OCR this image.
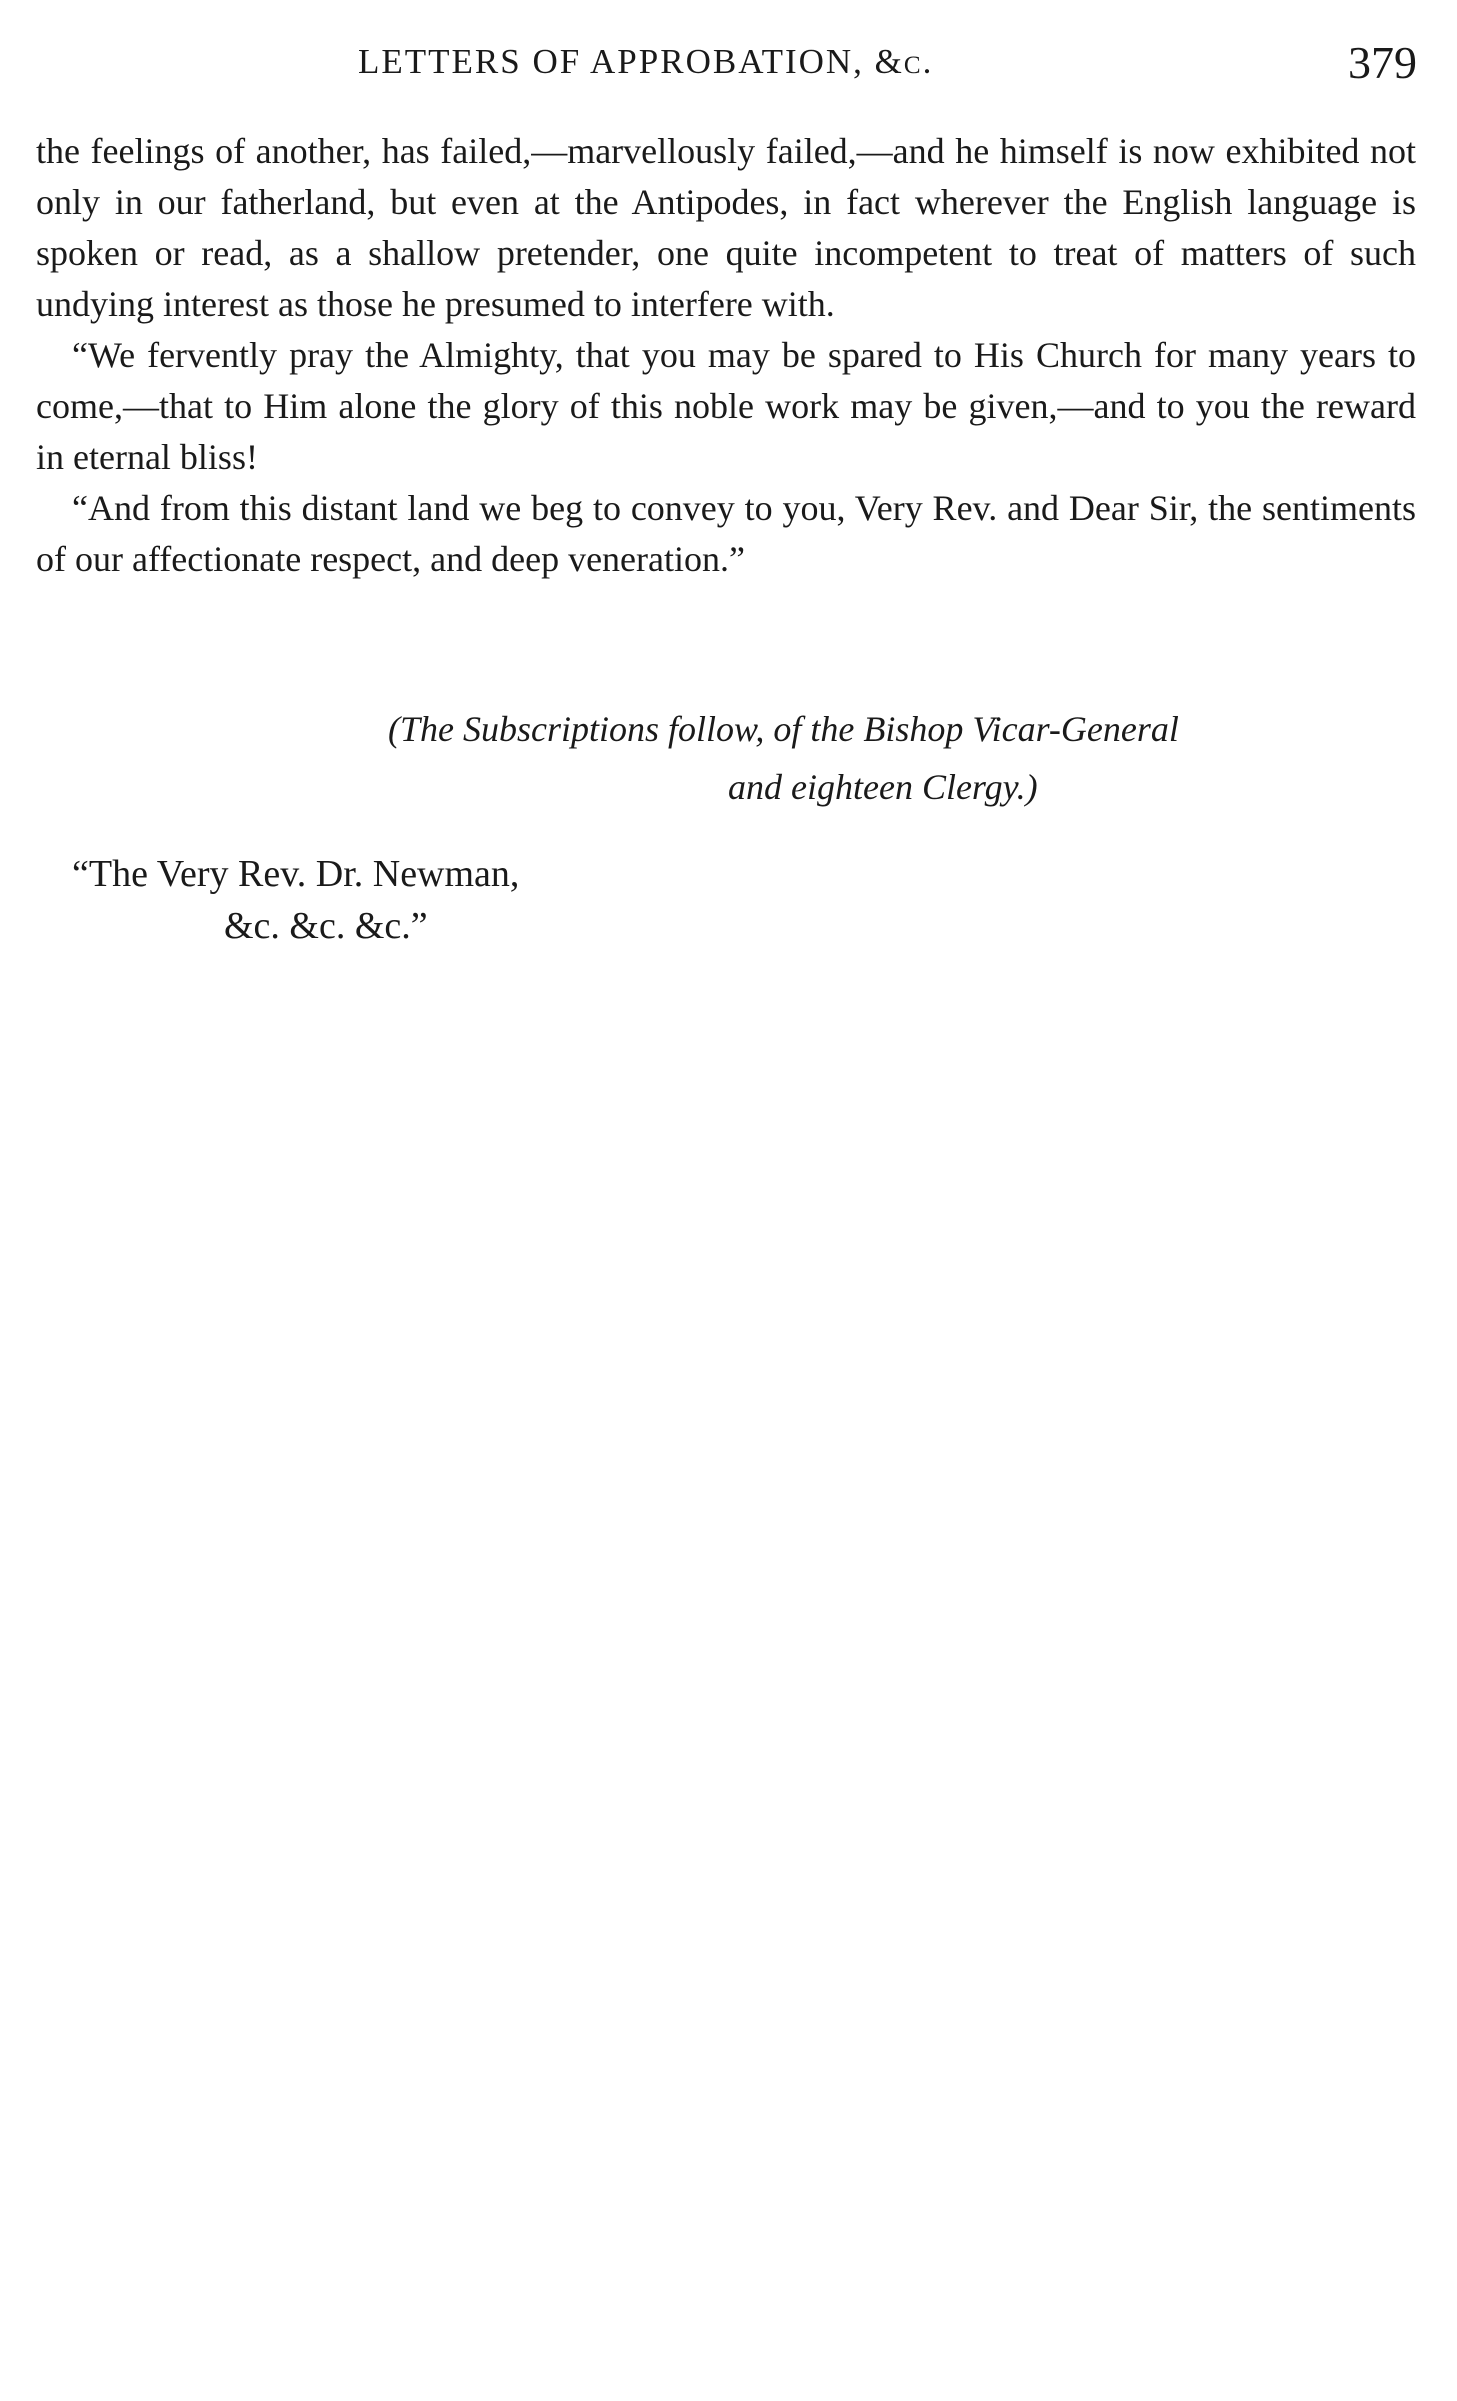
LETTERS OF APPROBATION, &c.	379

the feelings of another, has failed,—marvellously failed,—and he himself is now exhibited not only in our fatherland, but even at the Antipodes, in fact wherever the English language is spoken or read, as a shallow pretender, one quite incompetent to treat of matters of such undying interest as those he presumed to interfere with.

“We fervently pray the Almighty, that you may be spared to His Church for many years to come,—that to Him alone the glory of this noble work may be given,—and to you the reward in eternal bliss!

“And from this distant land we beg to convey to you, Very Rev. and Dear Sir, the sentiments of our affectionate respect, and deep veneration.”

(The Subscriptions follow, of the Bishop Vicar-General
and eighteen Clergy.)
“The Very Rev. Dr. Newman,
&c. &c. &c.”
